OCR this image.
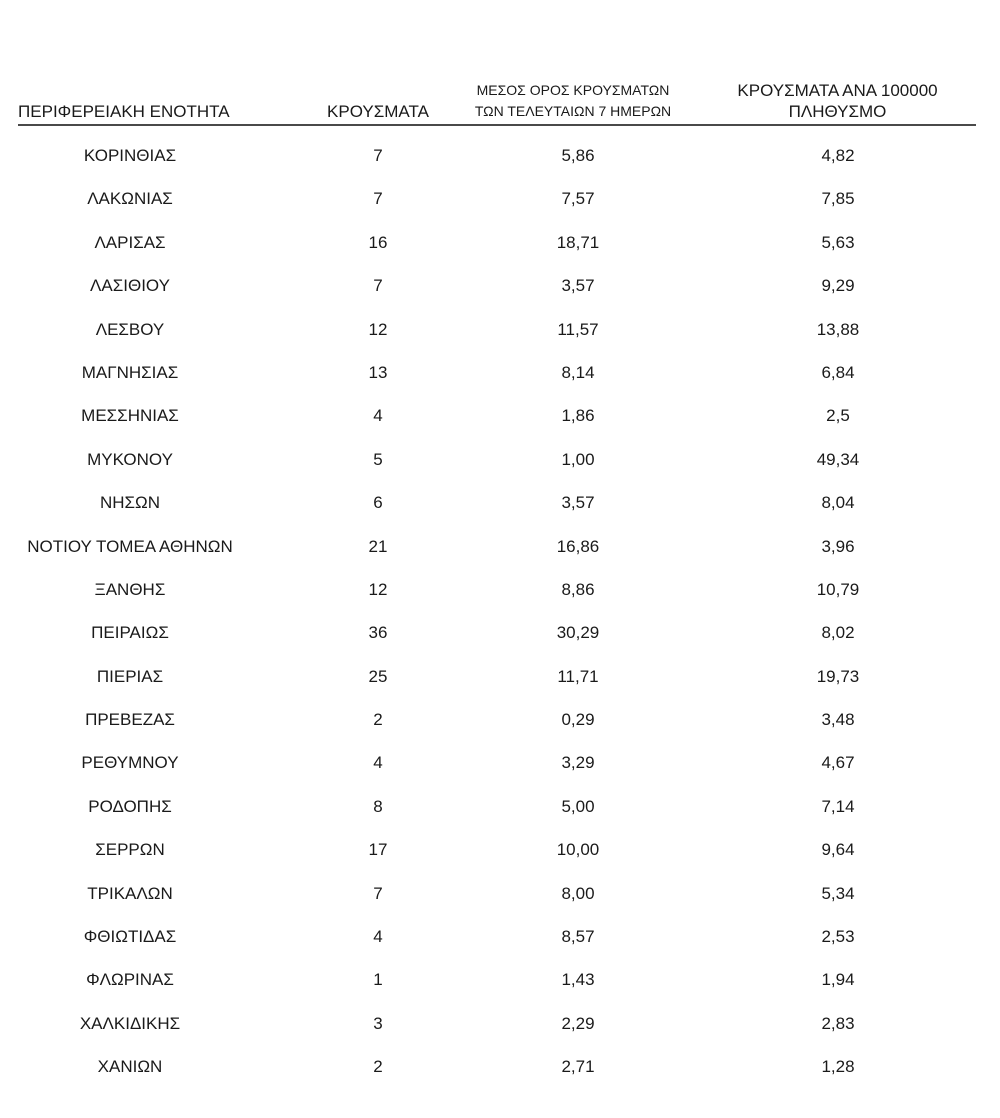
ΠΕΡΙΦΕΡΕΙΑΚΗ ΕΝΟΤΗΤΑ	ΚΡΟΥΣΜΑΤΑ
ΜΕΣΟΣ ΟΡΟΣ ΚΡΟΥΣΜΑΤΩΝ
ΤΩΝ ΤΕΛΕΥΤΑΙΩΝ 7 ΗΜΕΡΩΝ
ΚΡΟΥΣΜΑΤΑ ΑΝΑ 100000
ΠΛΗΘΥΣΜΟ
ΚΟΡΙΝΘΙΑΣ	7	5,86	4,82
ΛΑΚΩΝΙΑΣ	7	7,57	7,85
ΛΑΡΙΣΑΣ	16	18,71	5,63
ΛΑΣΙΘΙΟΥ	7	3,57	9,29
ΛΕΣΒΟΥ	12	11,57	13,88
ΜΑΓΝΗΣΙΑΣ	13	8,14	6,84
ΜΕΣΣΗΝΙΑΣ	4	1,86	2,5
ΜΥΚΟΝΟΥ	5	1,00	49,34
ΝΗΣΩΝ	6	3,57	8,04
ΝΟΤΙΟΥ ΤΟΜΕΑ ΑΘΗΝΩΝ	21	16,86	3,96
ΞΑΝΘΗΣ	12	8,86	10,79
ΠΕΙΡΑΙΩΣ	36	30,29	8,02
ΠΙΕΡΙΑΣ	25	11,71	19,73
ΠΡΕΒΕΖΑΣ	2	0,29	3,48
ΡΕΘΥΜΝΟΥ	4	3,29	4,67
ΡΟΔΟΠΗΣ	8	5,00	7,14
ΣΕΡΡΩΝ	17	10,00	9,64
ΤΡΙΚΑΛΩΝ	7	8,00	5,34
ΦΘΙΩΤΙΔΑΣ	4	8,57	2,53
ΦΛΩΡΙΝΑΣ	1	1,43	1,94
ΧΑΛΚΙΔΙΚΗΣ	3	2,29	2,83
ΧΑΝΙΩΝ	2	2,71	1,28
